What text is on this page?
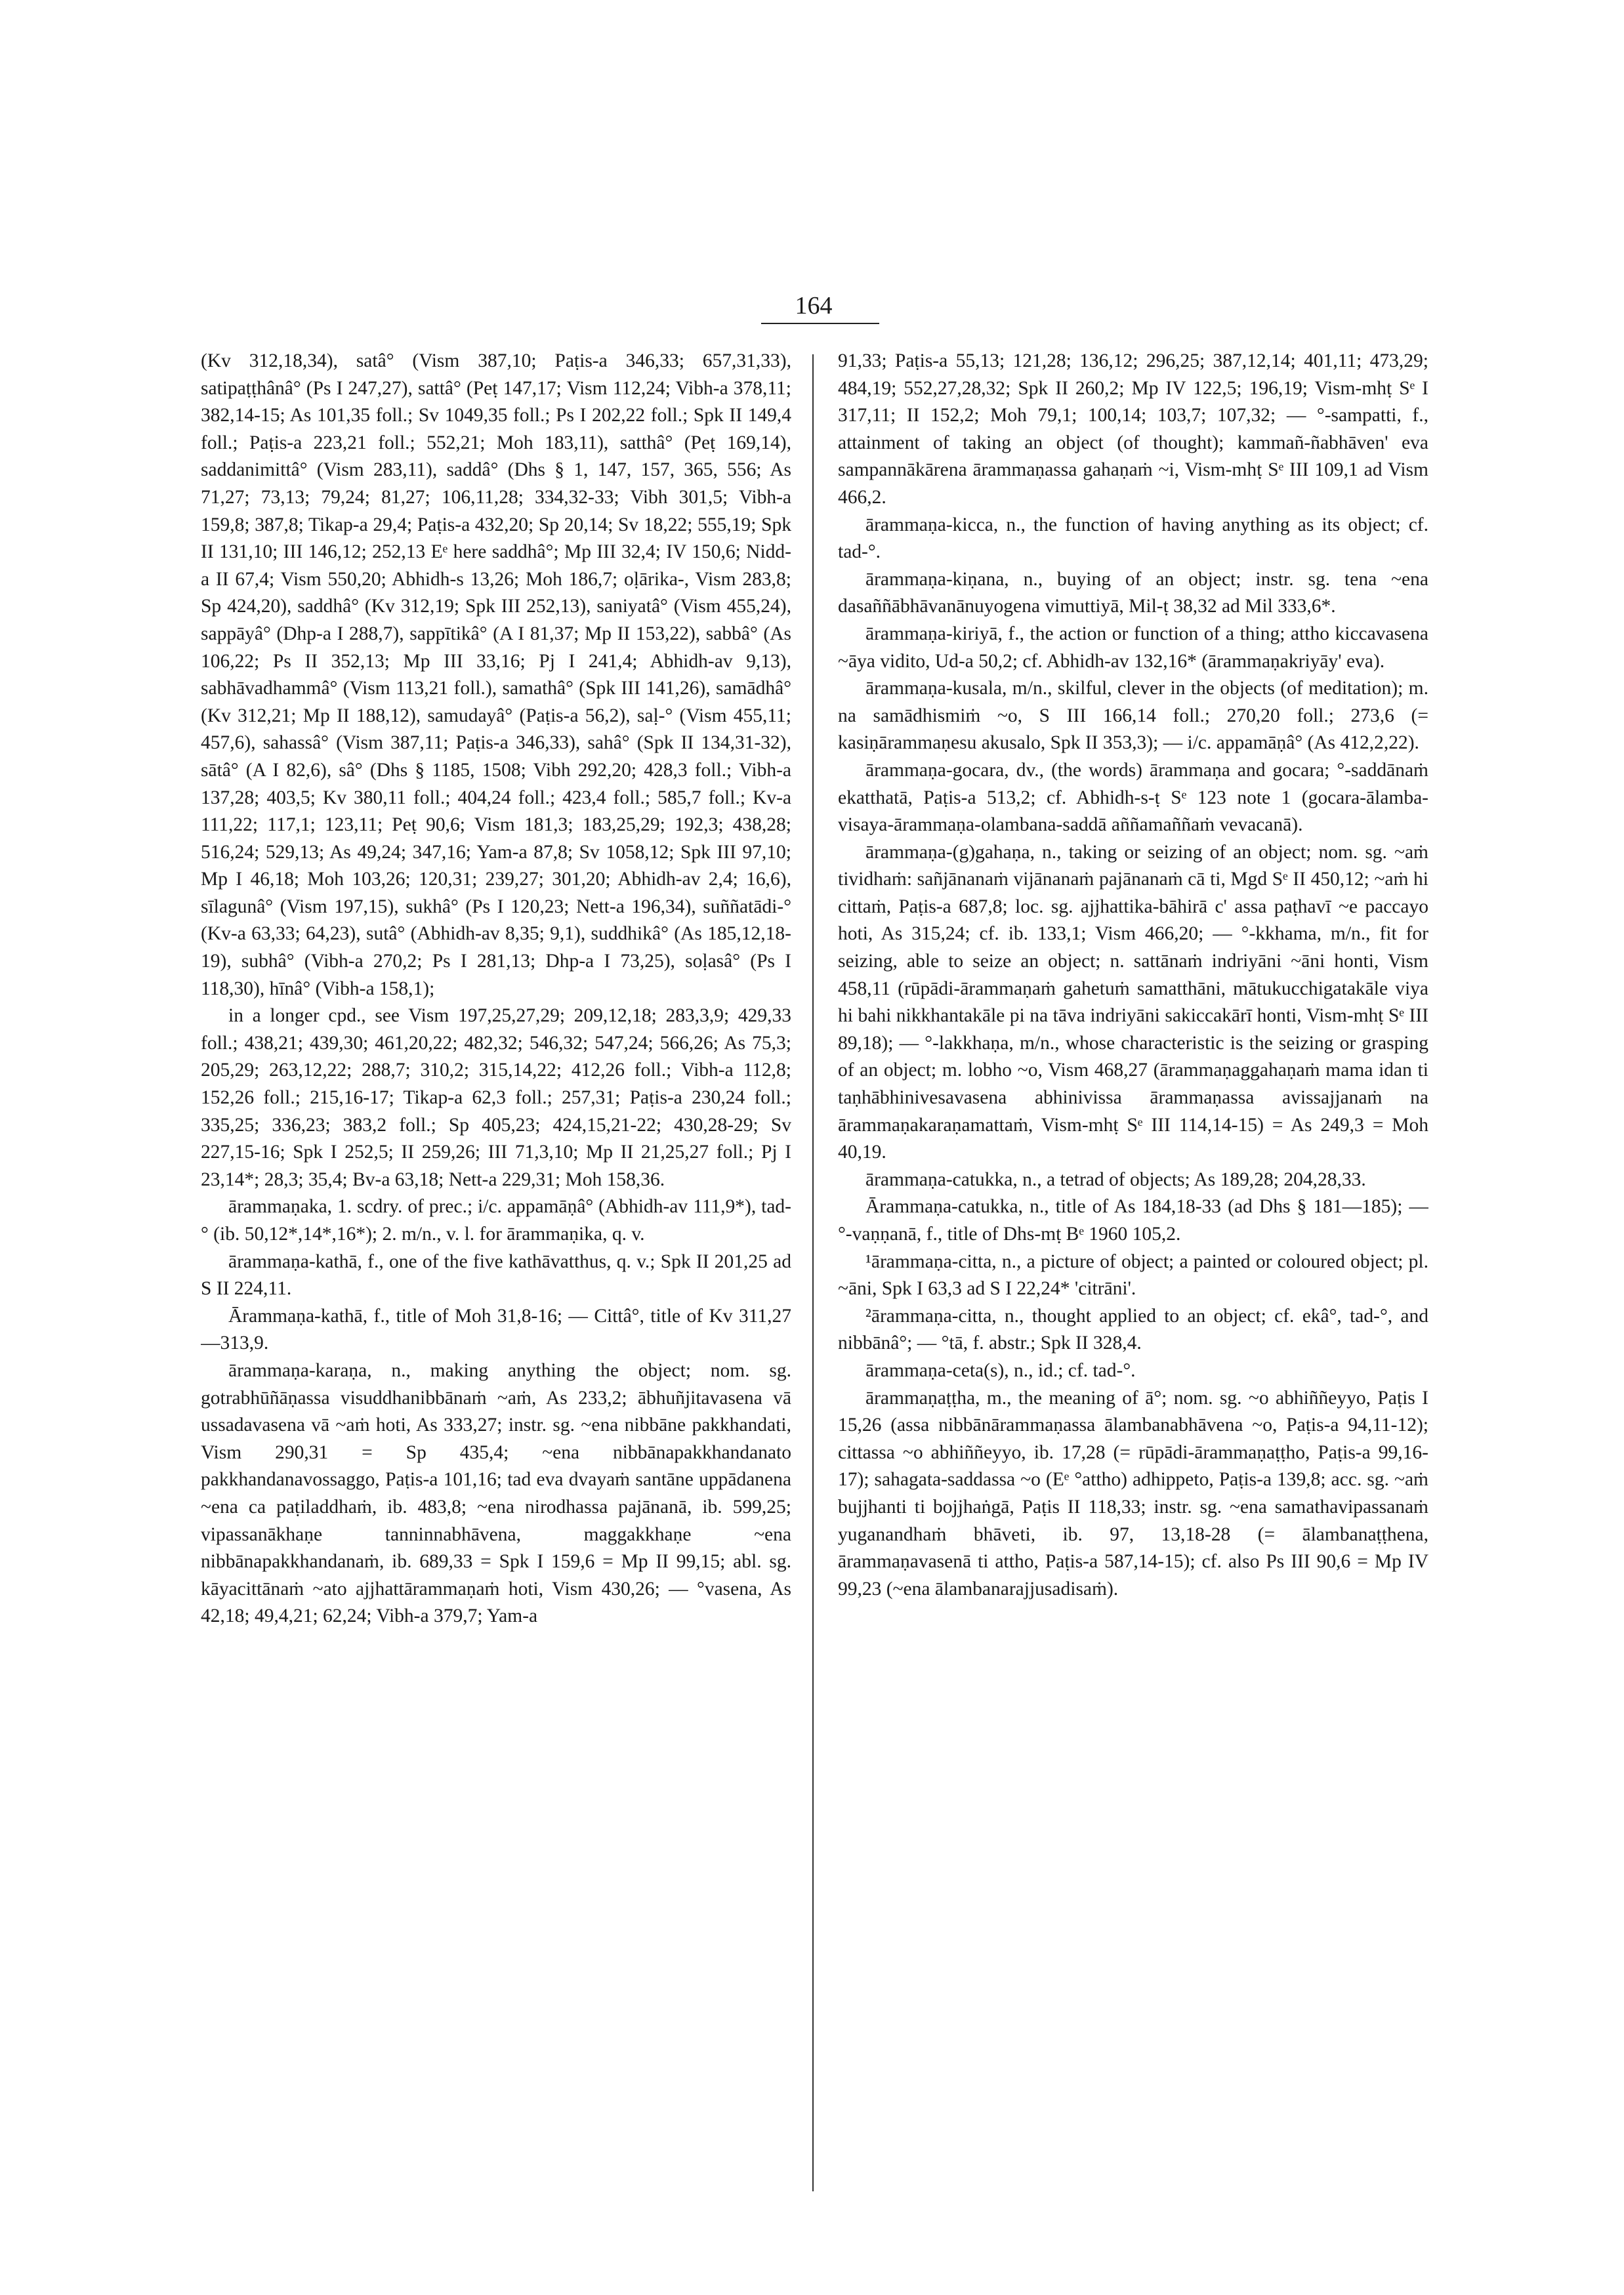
164

(Kv 312,18,34), satâ° (Vism 387,10; Paṭis-a 346,33; 657,31,33), satipaṭṭhânâ° (Ps I 247,27), sattâ° (Peṭ 147,17; Vism 112,24; Vibh-a 378,11; 382,14-15; As 101,35 foll.; Sv 1049,35 foll.; Ps I 202,22 foll.; Spk II 149,4 foll.; Paṭis-a 223,21 foll.; 552,21; Moh 183,11), satthâ° (Peṭ 169,14), saddanimittâ° (Vism 283,11), saddâ° (Dhs § 1, 147, 157, 365, 556; As 71,27; 73,13; 79,24; 81,27; 106,11,28; 334,32-33; Vibh 301,5; Vibh-a 159,8; 387,8; Tikap-a 29,4; Paṭis-a 432,20; Sp 20,14; Sv 18,22; 555,19; Spk II 131,10; III 146,12; 252,13 Eᵉ here saddhâ°; Mp III 32,4; IV 150,6; Nidd-a II 67,4; Vism 550,20; Abhidh-s 13,26; Moh 186,7; oḷārika-, Vism 283,8; Sp 424,20), saddhâ° (Kv 312,19; Spk III 252,13), saniyatâ° (Vism 455,24), sappāyâ° (Dhp-a I 288,7), sappītikâ° (A I 81,37; Mp II 153,22), sabbâ° (As 106,22; Ps II 352,13; Mp III 33,16; Pj I 241,4; Abhidh-av 9,13), sabhāvadhammâ° (Vism 113,21 foll.), samathâ° (Spk III 141,26), samādhâ° (Kv 312,21; Mp II 188,12), samudayâ° (Paṭis-a 56,2), saḷ-° (Vism 455,11; 457,6), sahassâ° (Vism 387,11; Paṭis-a 346,33), sahâ° (Spk II 134,31-32), sātâ° (A I 82,6), sâ° (Dhs § 1185, 1508; Vibh 292,20; 428,3 foll.; Vibh-a 137,28; 403,5; Kv 380,11 foll.; 404,24 foll.; 423,4 foll.; 585,7 foll.; Kv-a 111,22; 117,1; 123,11; Peṭ 90,6; Vism 181,3; 183,25,29; 192,3; 438,28; 516,24; 529,13; As 49,24; 347,16; Yam-a 87,8; Sv 1058,12; Spk III 97,10; Mp I 46,18; Moh 103,26; 120,31; 239,27; 301,20; Abhidh-av 2,4; 16,6), sīlagunâ° (Vism 197,15), sukhâ° (Ps I 120,23; Nett-a 196,34), suññatādi-° (Kv-a 63,33; 64,23), sutâ° (Abhidh-av 8,35; 9,1), suddhikâ° (As 185,12,18-19), subhâ° (Vibh-a 270,2; Ps I 281,13; Dhp-a I 73,25), soḷasâ° (Ps I 118,30), hīnâ° (Vibh-a 158,1);

in a longer cpd., see Vism 197,25,27,29; 209,12,18; 283,3,9; 429,33 foll.; 438,21; 439,30; 461,20,22; 482,32; 546,32; 547,24; 566,26; As 75,3; 205,29; 263,12,22; 288,7; 310,2; 315,14,22; 412,26 foll.; Vibh-a 112,8; 152,26 foll.; 215,16-17; Tikap-a 62,3 foll.; 257,31; Paṭis-a 230,24 foll.; 335,25; 336,23; 383,2 foll.; Sp 405,23; 424,15,21-22; 430,28-29; Sv 227,15-16; Spk I 252,5; II 259,26; III 71,3,10; Mp II 21,25,27 foll.; Pj I 23,14*; 28,3; 35,4; Bv-a 63,18; Nett-a 229,31; Moh 158,36.

ārammaṇaka, 1. scdry. of prec.; i/c. appamāṇâ° (Abhidh-av 111,9*), tad-° (ib. 50,12*,14*,16*); 2. m/n., v. l. for ārammaṇika, q. v.

ārammaṇa-kathā, f., one of the five kathāvatthus, q. v.; Spk II 201,25 ad S II 224,11.

Ārammaṇa-kathā, f., title of Moh 31,8-16; — Cittâ°, title of Kv 311,27—313,9.

ārammaṇa-karaṇa, n., making anything the object; nom. sg. gotrabhūñāṇassa visuddhanibbānaṁ ~aṁ, As 233,2; ābhuñjitavasena vā ussadavasena vā ~aṁ hoti, As 333,27; instr. sg. ~ena nibbāne pakkhandati, Vism 290,31 = Sp 435,4; ~ena nibbānapakkhandanato pakkhandanavossaggo, Paṭis-a 101,16; tad eva dvayaṁ santāne uppādanena ~ena ca paṭiladdhaṁ, ib. 483,8; ~ena nirodhassa pajānanā, ib. 599,25; vipassanākhaṇe tanninnabhāvena, maggakkhaṇe ~ena nibbānapakkhandanaṁ, ib. 689,33 = Spk I 159,6 = Mp II 99,15; abl. sg. kāyacittānaṁ ~ato ajjhattārammaṇaṁ hoti, Vism 430,26; — °vasena, As 42,18; 49,4,21; 62,24; Vibh-a 379,7; Yam-a

91,33; Paṭis-a 55,13; 121,28; 136,12; 296,25; 387,12,14; 401,11; 473,29; 484,19; 552,27,28,32; Spk II 260,2; Mp IV 122,5; 196,19; Vism-mhṭ Sᵉ I 317,11; II 152,2; Moh 79,1; 100,14; 103,7; 107,32; — °-sampatti, f., attainment of taking an object (of thought); kammañ-ñabhāven' eva sampannākārena ārammaṇassa gahaṇaṁ ~i, Vism-mhṭ Sᵉ III 109,1 ad Vism 466,2.

ārammaṇa-kicca, n., the function of having anything as its object; cf. tad-°.

ārammaṇa-kiṇana, n., buying of an object; instr. sg. tena ~ena dasaññābhāvanānuyogena vimuttiyā, Mil-ṭ 38,32 ad Mil 333,6*.

ārammaṇa-kiriyā, f., the action or function of a thing; attho kiccavasena ~āya vidito, Ud-a 50,2; cf. Abhidh-av 132,16* (ārammaṇakriyāy' eva).

ārammaṇa-kusala, m/n., skilful, clever in the objects (of meditation); m. na samādhismiṁ ~o, S III 166,14 foll.; 270,20 foll.; 273,6 (= kasiṇārammaṇesu akusalo, Spk II 353,3); — i/c. appamāṇâ° (As 412,2,22).

ārammaṇa-gocara, dv., (the words) ārammaṇa and gocara; °-saddānaṁ ekatthatā, Paṭis-a 513,2; cf. Abhidh-s-ṭ Sᵉ 123 note 1 (gocara-ālamba-visaya-ārammaṇa-olambana-saddā aññamaññaṁ vevacanā).

ārammaṇa-(g)gahaṇa, n., taking or seizing of an object; nom. sg. ~aṁ tividhaṁ: sañjānanaṁ vijānanaṁ pajānanaṁ cā ti, Mgd Sᵉ II 450,12; ~aṁ hi cittaṁ, Paṭis-a 687,8; loc. sg. ajjhattika-bāhirā c' assa paṭhavī ~e paccayo hoti, As 315,24; cf. ib. 133,1; Vism 466,20; — °-kkhama, m/n., fit for seizing, able to seize an object; n. sattānaṁ indriyāni ~āni honti, Vism 458,11 (rūpādi-ārammaṇaṁ gahetuṁ samatthāni, mātukucchigatakāle viya hi bahi nikkhantakāle pi na tāva indriyāni sakiccakārī honti, Vism-mhṭ Sᵉ III 89,18); — °-lakkhaṇa, m/n., whose characteristic is the seizing or grasping of an object; m. lobho ~o, Vism 468,27 (ārammaṇaggahaṇaṁ mama idan ti taṇhābhinivesavasena abhinivissa ārammaṇassa avissajjanaṁ na ārammaṇakaraṇamattaṁ, Vism-mhṭ Sᵉ III 114,14-15) = As 249,3 = Moh 40,19.

ārammaṇa-catukka, n., a tetrad of objects; As 189,28; 204,28,33.

Ārammaṇa-catukka, n., title of As 184,18-33 (ad Dhs § 181—185); — °-vaṇṇanā, f., title of Dhs-mṭ Bᵉ 1960 105,2.

¹ārammaṇa-citta, n., a picture of object; a painted or coloured object; pl. ~āni, Spk I 63,3 ad S I 22,24* 'citrāni'.

²ārammaṇa-citta, n., thought applied to an object; cf. ekâ°, tad-°, and nibbānâ°; — °tā, f. abstr.; Spk II 328,4.

ārammaṇa-ceta(s), n., id.; cf. tad-°.

ārammaṇaṭṭha, m., the meaning of ā°; nom. sg. ~o abhiññeyyo, Paṭis I 15,26 (assa nibbānārammaṇassa ālambanabhāvena ~o, Paṭis-a 94,11-12); cittassa ~o abhiññeyyo, ib. 17,28 (= rūpādi-ārammaṇaṭṭho, Paṭis-a 99,16-17); sahagata-saddassa ~o (Eᵉ °attho) adhippeto, Paṭis-a 139,8; acc. sg. ~aṁ bujjhanti ti bojjhaṅgā, Paṭis II 118,33; instr. sg. ~ena samathavipassanaṁ yuganandhaṁ bhāveti, ib. 97, 13,18-28 (= ālambanaṭṭhena, ārammaṇavasenā ti attho, Paṭis-a 587,14-15); cf. also Ps III 90,6 = Mp IV 99,23 (~ena ālambanarajjusadisaṁ).
